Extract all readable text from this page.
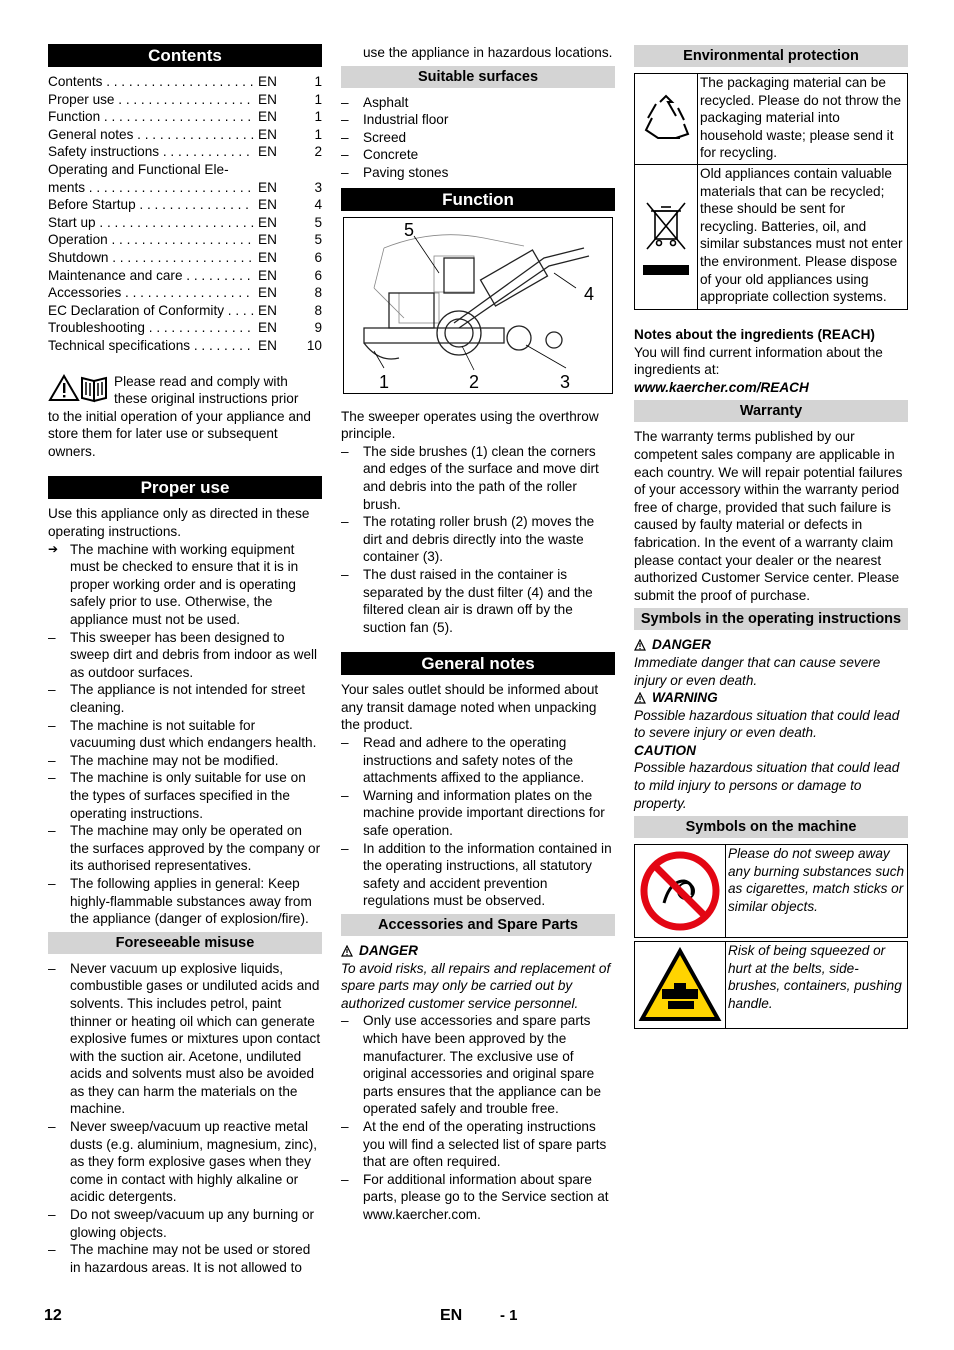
Contents
Contents . . .	EN	1
Proper use . . .	EN	1
Function . . .	EN	1
General notes . . .	EN	1
Safety instructions . . .	EN	2
Operating and Functional Ele-
ments . . .	EN	3
Before Startup . . .	EN	4
Start up . . .	EN	5
Operation . . .	EN	5
Shutdown . . .	EN	6
Maintenance and care . . .	EN	6
Accessories . . .	EN	8
EC Declaration of Conformity . . .	EN	8
Troubleshooting . . .	EN	9
Technical specifications . . .	EN	10

Please read and comply with

these original instructions prior

to the initial operation of your appliance and store them for later use or subsequent owners.

Proper use

Use this appliance only as directed in these operating instructions.

➔ The machine with working equipment must be checked to ensure that it is in proper working order and is operating safely prior to use. Otherwise, the appliance must not be used.
– This sweeper has been designed to sweep dirt and debris from indoor as well as outdoor surfaces.
– The appliance is not intended for street cleaning.
– The machine is not suitable for vacuuming dust which endangers health.
– The machine may not be modified.
– The machine is only suitable for use on the types of surfaces specified in the operating instructions.
– The machine may only be operated on the surfaces approved by the company or its authorised representatives.
– The following applies in general: Keep highly-flammable substances away from the appliance (danger of explosion/fire).
Foreseeable misuse
– Never vacuum up explosive liquids, combustible gases or undiluted acids and solvents. This includes petrol, paint thinner or heating oil which can generate explosive fumes or mixtures upon contact with the suction air. Acetone, undiluted acids and solvents must also be avoided as they can harm the materials on the machine.
– Never sweep/vacuum up reactive metal dusts (e.g. aluminium, magnesium, zinc), as they form explosive gases when they come in contact with highly alkaline or acidic detergents.
– Do not sweep/vacuum up any burning or glowing objects.
– The machine may not be used or stored in hazardous areas. It is not allowed to

use the appliance in hazardous locations.

Suitable surfaces
– Asphalt
– Industrial floor
– Screed
– Concrete
– Paving stones
Function
5
4
1	2	3

The sweeper operates using the overthrow principle.

– The side brushes (1) clean the corners and edges of the surface and move dirt and debris into the path of the roller brush.
– The rotating roller brush (2) moves the dirt and debris directly into the waste container (3).
– The dust raised in the container is separated by the dust filter (4) and the filtered clean air is drawn off by the suction fan (5).
General notes

Your sales outlet should be informed about any transit damage noted when unpacking the product.

– Read and adhere to the operating instructions and safety notes of the attachments affixed to the appliance.
– Warning and information plates on the machine provide important directions for safe operation.
– In addition to the information contained in the operating instructions, all statutory safety and accident prevention regulations must be observed.
Accessories and Spare Parts
DANGER

To avoid risks, all repairs and replacement of spare parts may only be carried out by authorized customer service personnel.

– Only use accessories and spare parts which have been approved by the manufacturer. The exclusive use of original accessories and original spare parts ensures that the appliance can be operated safely and trouble free.
– At the end of the operating instructions you will find a selected list of spare parts that are often required.
– For additional information about spare parts, please go to the Service section at www.kaercher.com.
Environmental protection
The packaging material can be recycled. Please do not throw the packaging material into household waste; please send it for recycling.
Old appliances contain valuable materials that can be recycled; these should be sent for recycling. Batteries, oil, and similar substances must not enter the environment. Please dispose of your old appliances using appropriate collection systems.

Notes about the ingredients (REACH)

You will find current information about the ingredients at:

www.kaercher.com/REACH

Warranty

The warranty terms published by our competent sales company are applicable in each country. We will repair potential failures of your accessory within the warranty period free of charge, provided that such failure is caused by faulty material or defects in fabrication. In the event of a warranty claim please contact your dealer or the nearest authorized Customer Service center. Please submit the proof of purchase.

Symbols in the operating instructions
DANGER

Immediate danger that can cause severe injury or even death.

WARNING

Possible hazardous situation that could lead to severe injury or even death.

CAUTION

Possible hazardous situation that could lead to mild injury to persons or damage to property.

Symbols on the machine
Please do not sweep away any burning substances such as cigarettes, match sticks or similar objects.
Risk of being squeezed or hurt at the belts, side-brushes, containers, pushing handle.
12	EN	- 1
